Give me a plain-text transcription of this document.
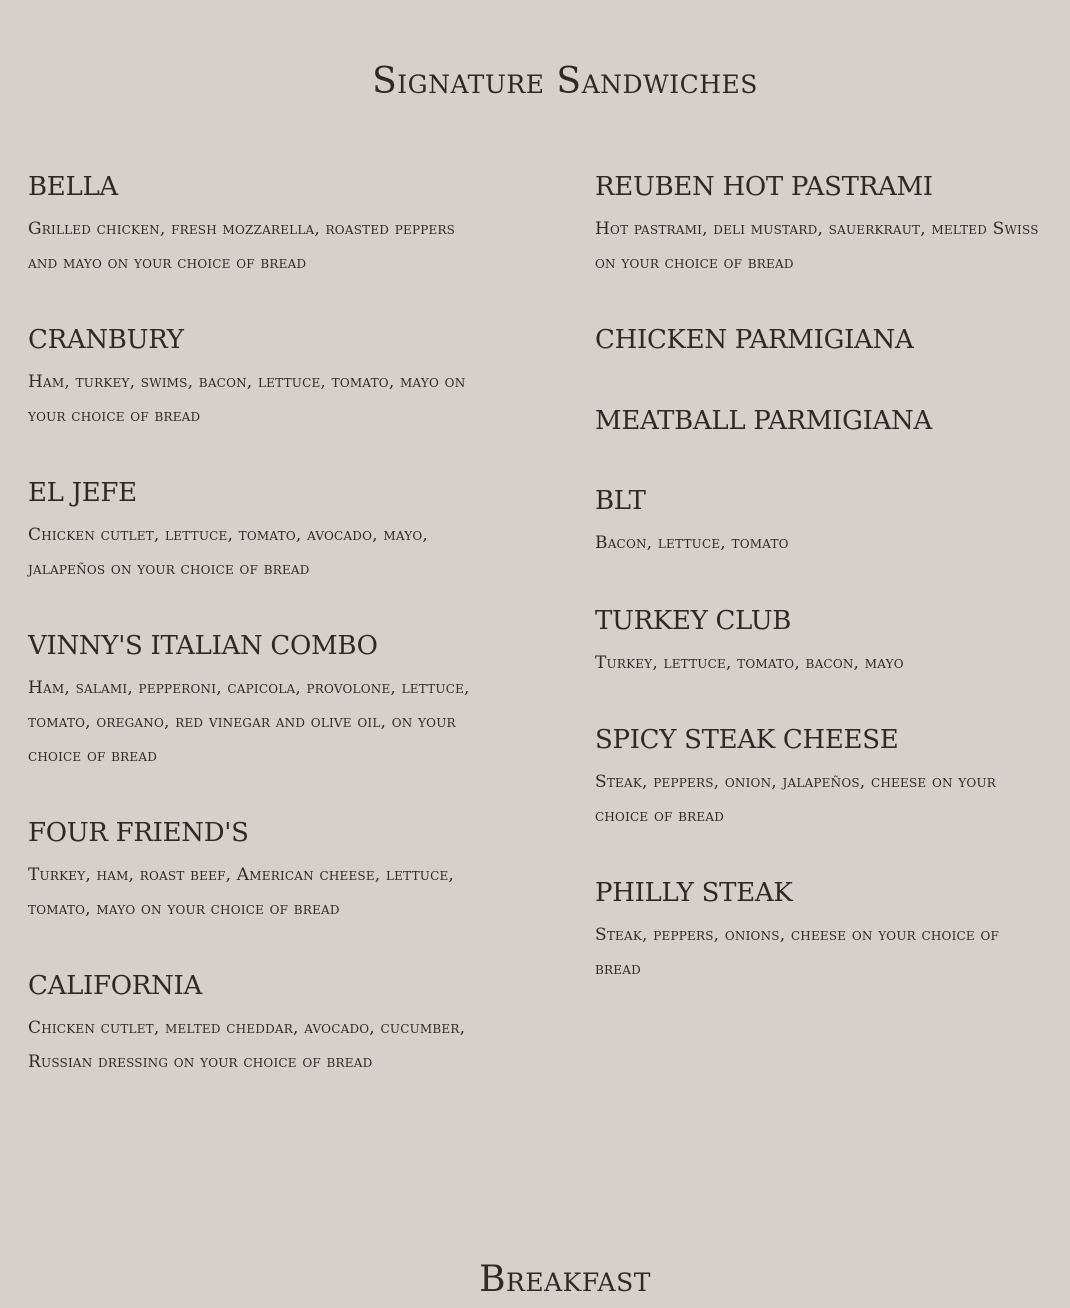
Signature Sandwiches
BELLA

Grilled chicken, fresh mozzarella, roasted peppers and mayo on your choice of bread

CRANBURY

Ham, turkey, swims, bacon, lettuce, tomato, mayo on your choice of bread

EL JEFE

Chicken cutlet, lettuce, tomato, avocado, mayo, jalapeños on your choice of bread

VINNY'S ITALIAN COMBO

Ham, salami, pepperoni, capicola, provolone, lettuce, tomato, oregano, red vinegar and olive oil, on your choice of bread

FOUR FRIEND'S

Turkey, ham, roast beef, American cheese, lettuce, tomato, mayo on your choice of bread

CALIFORNIA

Chicken cutlet, melted cheddar, avocado, cucumber, Russian dressing on your choice of bread

REUBEN HOT PASTRAMI

Hot pastrami, deli mustard, sauerkraut, melted Swiss on your choice of bread

CHICKEN PARMIGIANA
MEATBALL PARMIGIANA
BLT

Bacon, lettuce, tomato

TURKEY CLUB

Turkey, lettuce, tomato, bacon, mayo

SPICY STEAK CHEESE

Steak, peppers, onion, jalapeños, cheese on your choice of bread

PHILLY STEAK

Steak, peppers, onions, cheese on your choice of bread

Breakfast
